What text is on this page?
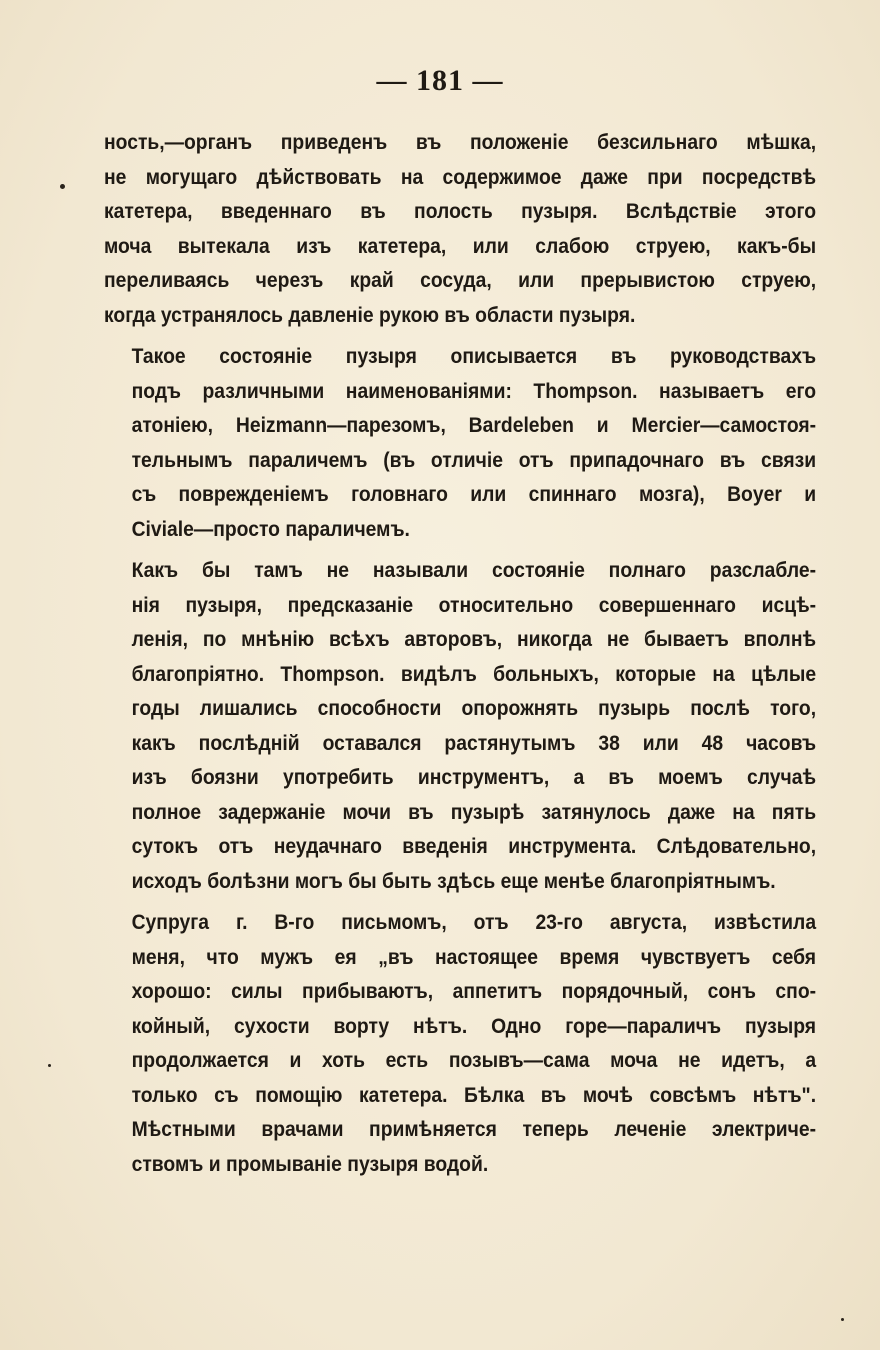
— 181 —

ность,—органъ приведенъ въ положеніе безсильнаго мѣшка,
не могущаго дѣйствовать на содержимое даже при посредствѣ
катетера, введеннаго въ полость пузыря. Вслѣдствіе этого
моча вытекала изъ катетера, или слабою струею, какъ-бы
переливаясь черезъ край сосуда, или прерывистою струею,
когда устранялось давленіе рукою въ области пузыря.

Такое состояніе пузыря описывается въ руководствахъ
подъ различными наименованіями: Thompson. называетъ его
атоніею, Heizmann—парезомъ, Bardeleben и Mercier—самостоя-
тельнымъ параличемъ (въ отличіе отъ припадочнаго въ связи
съ поврежденіемъ головнаго или спиннаго мозга), Boyer и
Civiale—просто параличемъ.

Какъ бы тамъ не называли состояніе полнаго разслабле-
нія пузыря, предсказаніе относительно совершеннаго исцѣ-
ленія, по мнѣнію всѣхъ авторовъ, никогда не бываетъ вполнѣ
благопріятно. Thompson. видѣлъ больныхъ, которые на цѣлые
годы лишались способности опорожнять пузырь послѣ того,
какъ послѣдній оставался растянутымъ 38 или 48 часовъ
изъ боязни употребить инструментъ, а въ моемъ случаѣ
полное задержаніе мочи въ пузырѣ затянулось даже на пять
сутокъ отъ неудачнаго введенія инструмента. Слѣдовательно,
исходъ болѣзни могъ бы быть здѣсь еще менѣе благопріятнымъ.

Супруга г. В-го письмомъ, отъ 23-го августа, извѣстила
меня, что мужъ ея „въ настоящее время чувствуетъ себя
хорошо: силы прибываютъ, аппетитъ порядочный, сонъ спо-
койный, сухости ворту нѣтъ. Одно горе—параличъ пузыря
продолжается и хоть есть позывъ—сама моча не идетъ, а
только съ помощію катетера. Бѣлка въ мочѣ совсѣмъ нѣтъ".
Мѣстными врачами примѣняется теперь леченіе электриче-
ствомъ и промываніе пузыря водой.
